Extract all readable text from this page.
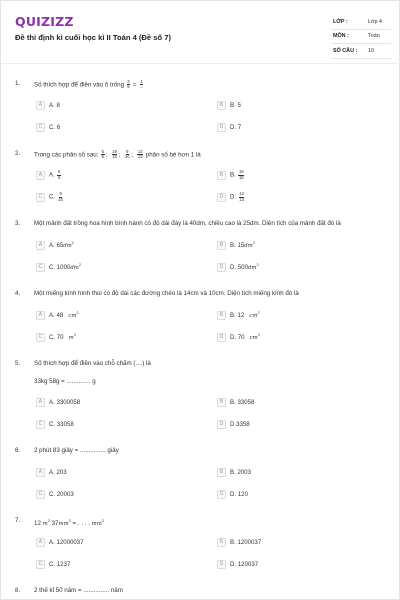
QUIZIZZ
Đề thi định kì cuối học kì II Toán 4 (Đề số 7)
LỚP :	Lớp 4
MÔN :	Toán
SỐ CÂU :	10
1. Số thích hợp để điền vào ô trống $\frac{3}{5} = \frac{4}{...}$
A	A. 8	B	B. 5
C	C. 6	D	D. 7
2. Trong các phân số sau: $\frac{5}{6}$ ; $\frac{19}{18}$ ; $\frac{9}{10}$ ; $\frac{12}{13}$ phân số bé hơn 1 là
A	A. $\frac{5}{6}$	B	B. $\frac{19}{18}$
C	C. $\frac{9}{10}$	D	D. $\frac{12}{13}$
3. Một mảnh đất trồng hoa hình bình hành có độ dài đáy là 40dm, chiều cao là 25dm. Diện tích của mảnh đất đó là
A	A. $65dm^2$	B	B. $15dm^2$
C	C. $1000dm^2$	D	D. $500dm^2$
4. Một miếng kính hình thoi có độ dài các đường chéo là 14cm và 10cm. Diện tích miếng kính đó là
A	A. 48   $cm^2$	B	B. 12   $cm^2$
C	C. 70   $m^2$	D	D. 70   $cm^2$
5. Số thích hợp để điền vào chỗ chấm (....) là
33kg 58g = .............. g
A	A. 3300058	B	B. 33058
C	C. 33058	D	D.3358
6. 2 phút 83 giây = ............... giây
A	A. 203	B	B. 2003
C	C. 20003	D	D. 120
7. 12 $m^2$ $37mm^2$ = . . . . $mm^2$
A	A. 12000037	B	B. 1200037
C	C. 1237	D	D. 120037
8. 2 thế kỉ 50 năm = ............... năm
